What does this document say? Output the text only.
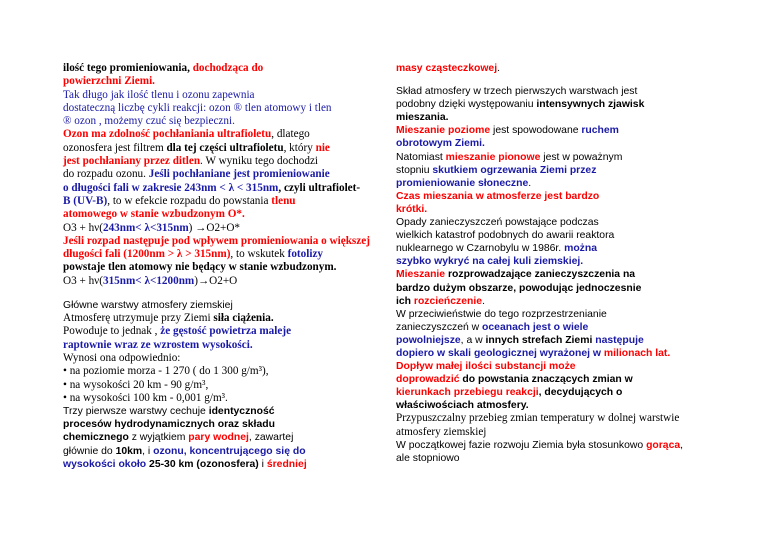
ilość tego promieniowania, dochodząca do
powierzchni Ziemi.
Tak długo jak ilość tlenu i ozonu zapewnia
dostateczną liczbę cykli reakcji: ozon ® tlen atomowy i tlen
® ozon , możemy czuć się bezpieczni.
Ozon ma zdolność pochłaniania ultrafioletu, dlatego
ozonosfera jest filtrem dla tej części ultrafioletu, który nie
jest pochłaniany przez ditlen. W wyniku tego dochodzi
do rozpadu ozonu. Jeśli pochłaniane jest promieniowanie
o długości fali w zakresie 243nm < λ < 315nm, czyli ultrafiolet-
B (UV-B), to w efekcie rozpadu do powstania tlenu
atomowego w stanie wzbudzonym O*.
O3 + hν(243nm< λ<315nm) →O2+O*
Jeśli rozpad następuje pod wpływem promieniowania o większej
długości fali (1200nm > λ > 315nm), to wskutek fotolizy
powstaje tlen atomowy nie będący w stanie wzbudzonym.
O3 + hν(315nm< λ<1200nm)→O2+O
Główne warstwy atmosfery ziemskiej
Atmosferę utrzymuje przy Ziemi siła ciążenia.
Powoduje to jednak , że gęstość powietrza maleje
raptownie wraz ze wzrostem wysokości.
Wynosi ona odpowiednio:
• na poziomie morza - 1 270 ( do 1 300 g/m³),
• na wysokości 20 km - 90 g/m³,
• na wysokości 100 km - 0,001 g/m³.
Trzy pierwsze warstwy cechuje identyczność
procesów hydrodynamicznych oraz składu
chemicznego z wyjątkiem pary wodnej, zawartej
głównie do 10km, i ozonu, koncentrującego się do
wysokości około 25-30 km (ozonosfera) i średniej
masy cząsteczkowej.
Skład atmosfery w trzech pierwszych warstwach jest
podobny dzięki występowaniu intensywnych zjawisk
mieszania.
Mieszanie poziome jest spowodowane ruchem
obrotowym Ziemi.
Natomiast mieszanie pionowe jest w poważnym
stopniu skutkiem ogrzewania Ziemi przez
promieniowanie słoneczne.
Czas mieszania w atmosferze jest bardzo
krótki.
Opady zanieczyszczeń powstające podczas
wielkich katastrof podobnych do awarii reaktora
nuklearnego w Czarnobylu w 1986r. można
szybko wykryć na całej kuli ziemskiej.
Mieszanie rozprowadzające zanieczyszczenia na
bardzo dużym obszarze, powodując jednoczesnie
ich rozcieńczenie.
W przeciwieństwie do tego rozprzestrzenianie
zanieczyszczeń w oceanach jest o wiele
powolniejsze, a w innych strefach Ziemi następuje
dopiero w skali geologicznej wyrażonej w milionach lat.
Dopływ małej ilości substancji może
doprowadzić do powstania znaczących zmian w
kierunkach przebiegu reakcji, decydujących o
właściwościach atmosfery.
Przypuszczalny przebieg zmian temperatury w dolnej warstwie
atmosfery ziemskiej
W początkowej fazie rozwoju Ziemia była stosunkowo gorąca,
ale stopniowo
